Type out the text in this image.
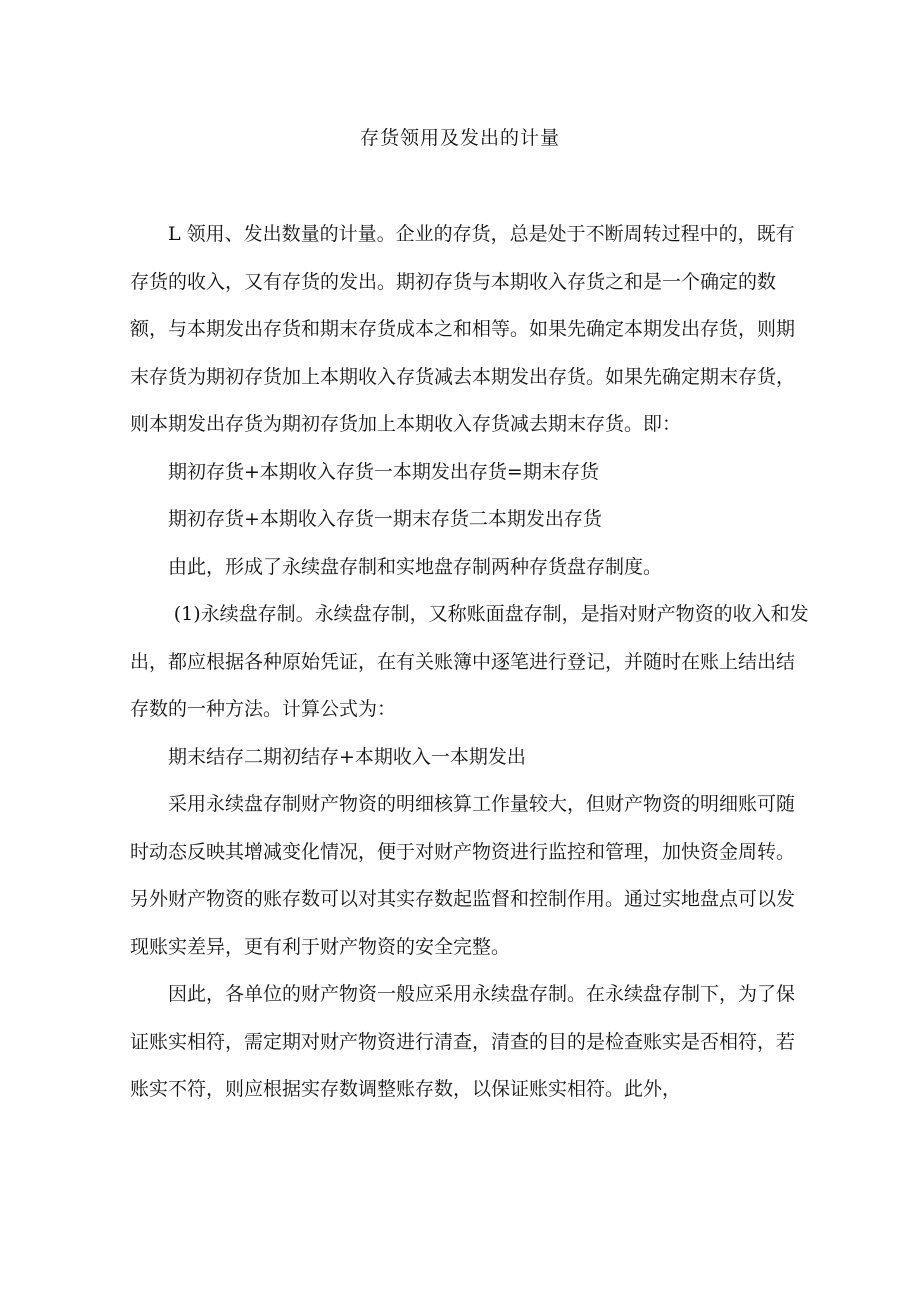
存货领用及发出的计量

L 领用、发出数量的计量。企业的存货，总是处于不断周转过程中的，既有存货的收入，又有存货的发出。期初存货与本期收入存货之和是一个确定的数额，与本期发出存货和期末存货成本之和相等。如果先确定本期发出存货，则期末存货为期初存货加上本期收入存货减去本期发出存货。如果先确定期末存货，则本期发出存货为期初存货加上本期收入存货减去期末存货。即：

期初存货+本期收入存货一本期发出存货=期末存货

期初存货+本期收入存货一期末存货二本期发出存货

由此，形成了永续盘存制和实地盘存制两种存货盘存制度。

(1)永续盘存制。永续盘存制，又称账面盘存制，是指对财产物资的收入和发出，都应根据各种原始凭证，在有关账簿中逐笔进行登记，并随时在账上结出结存数的一种方法。计算公式为：

期末结存二期初结存+本期收入一本期发出

采用永续盘存制财产物资的明细核算工作量较大，但财产物资的明细账可随时动态反映其增减变化情况，便于对财产物资进行监控和管理，加快资金周转。另外财产物资的账存数可以对其实存数起监督和控制作用。通过实地盘点可以发现账实差异，更有利于财产物资的安全完整。

因此，各单位的财产物资一般应采用永续盘存制。在永续盘存制下，为了保证账实相符，需定期对财产物资进行清查，清查的目的是检查账实是否相符，若账实不符，则应根据实存数调整账存数，以保证账实相符。此外，
